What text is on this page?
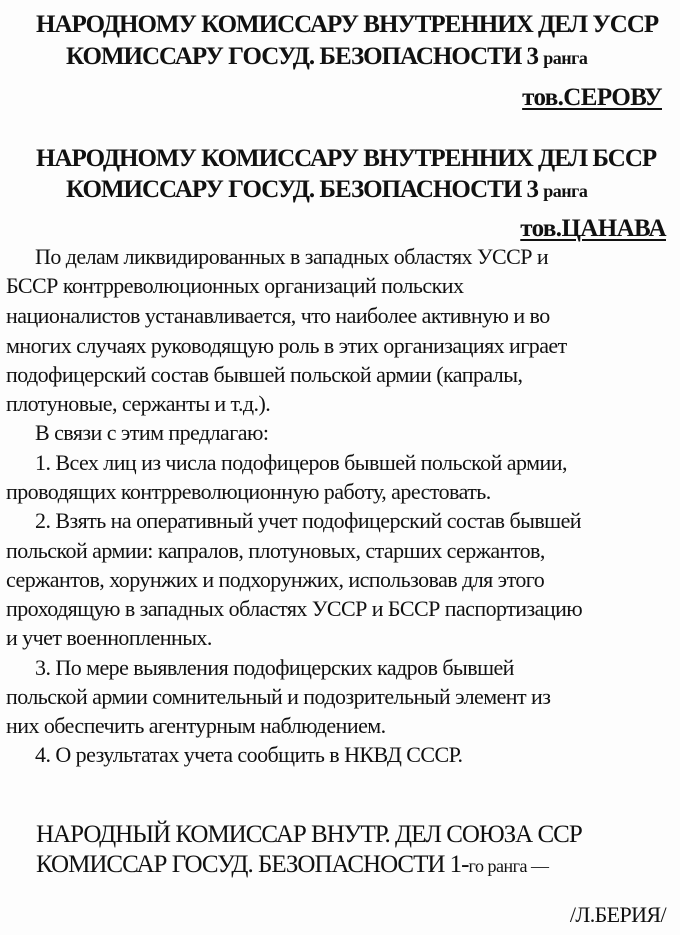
НАРОДНОМУ КОМИССАРУ ВНУТРЕННИХ ДЕЛ УССР
КОМИССАРУ ГОСУД. БЕЗОПАСНОСТИ 3 ранга
тов.СЕРОВУ
НАРОДНОМУ КОМИССАРУ ВНУТРЕННИХ ДЕЛ БССР
КОМИССАРУ ГОСУД. БЕЗОПАСНОСТИ 3 ранга
тов.ЦАНАВА
По делам ликвидированных в западных областях УССР и
БССР контрреволюционных организаций польских
националистов устанавливается, что наиболее активную и во
многих случаях руководящую роль в этих организациях играет
подофицерский состав бывшей польской армии (капралы,
плотуновые, сержанты и т.д.).
В связи с этим предлагаю:
1. Всех лиц из числа подофицеров бывшей польской армии,
проводящих контрреволюционную работу, арестовать.
2. Взять на оперативный учет подофицерский состав бывшей
польской армии: капралов, плотуновых, старших сержантов,
сержантов, хорунжих и подхорунжих, использовав для этого
проходящую в западных областях УССР и БССР паспортизацию
и учет военнопленных.
3. По мере выявления подофицерских кадров бывшей
польской армии сомнительный и подозрительный элемент из
них обеспечить агентурным наблюдением.
4. О результатах учета сообщить в НКВД СССР.
НАРОДНЫЙ КОМИССАР ВНУТР. ДЕЛ СОЮЗА ССР
КОМИССАР ГОСУД. БЕЗОПАСНОСТИ 1-го ранга —
/Л.БЕРИЯ/
